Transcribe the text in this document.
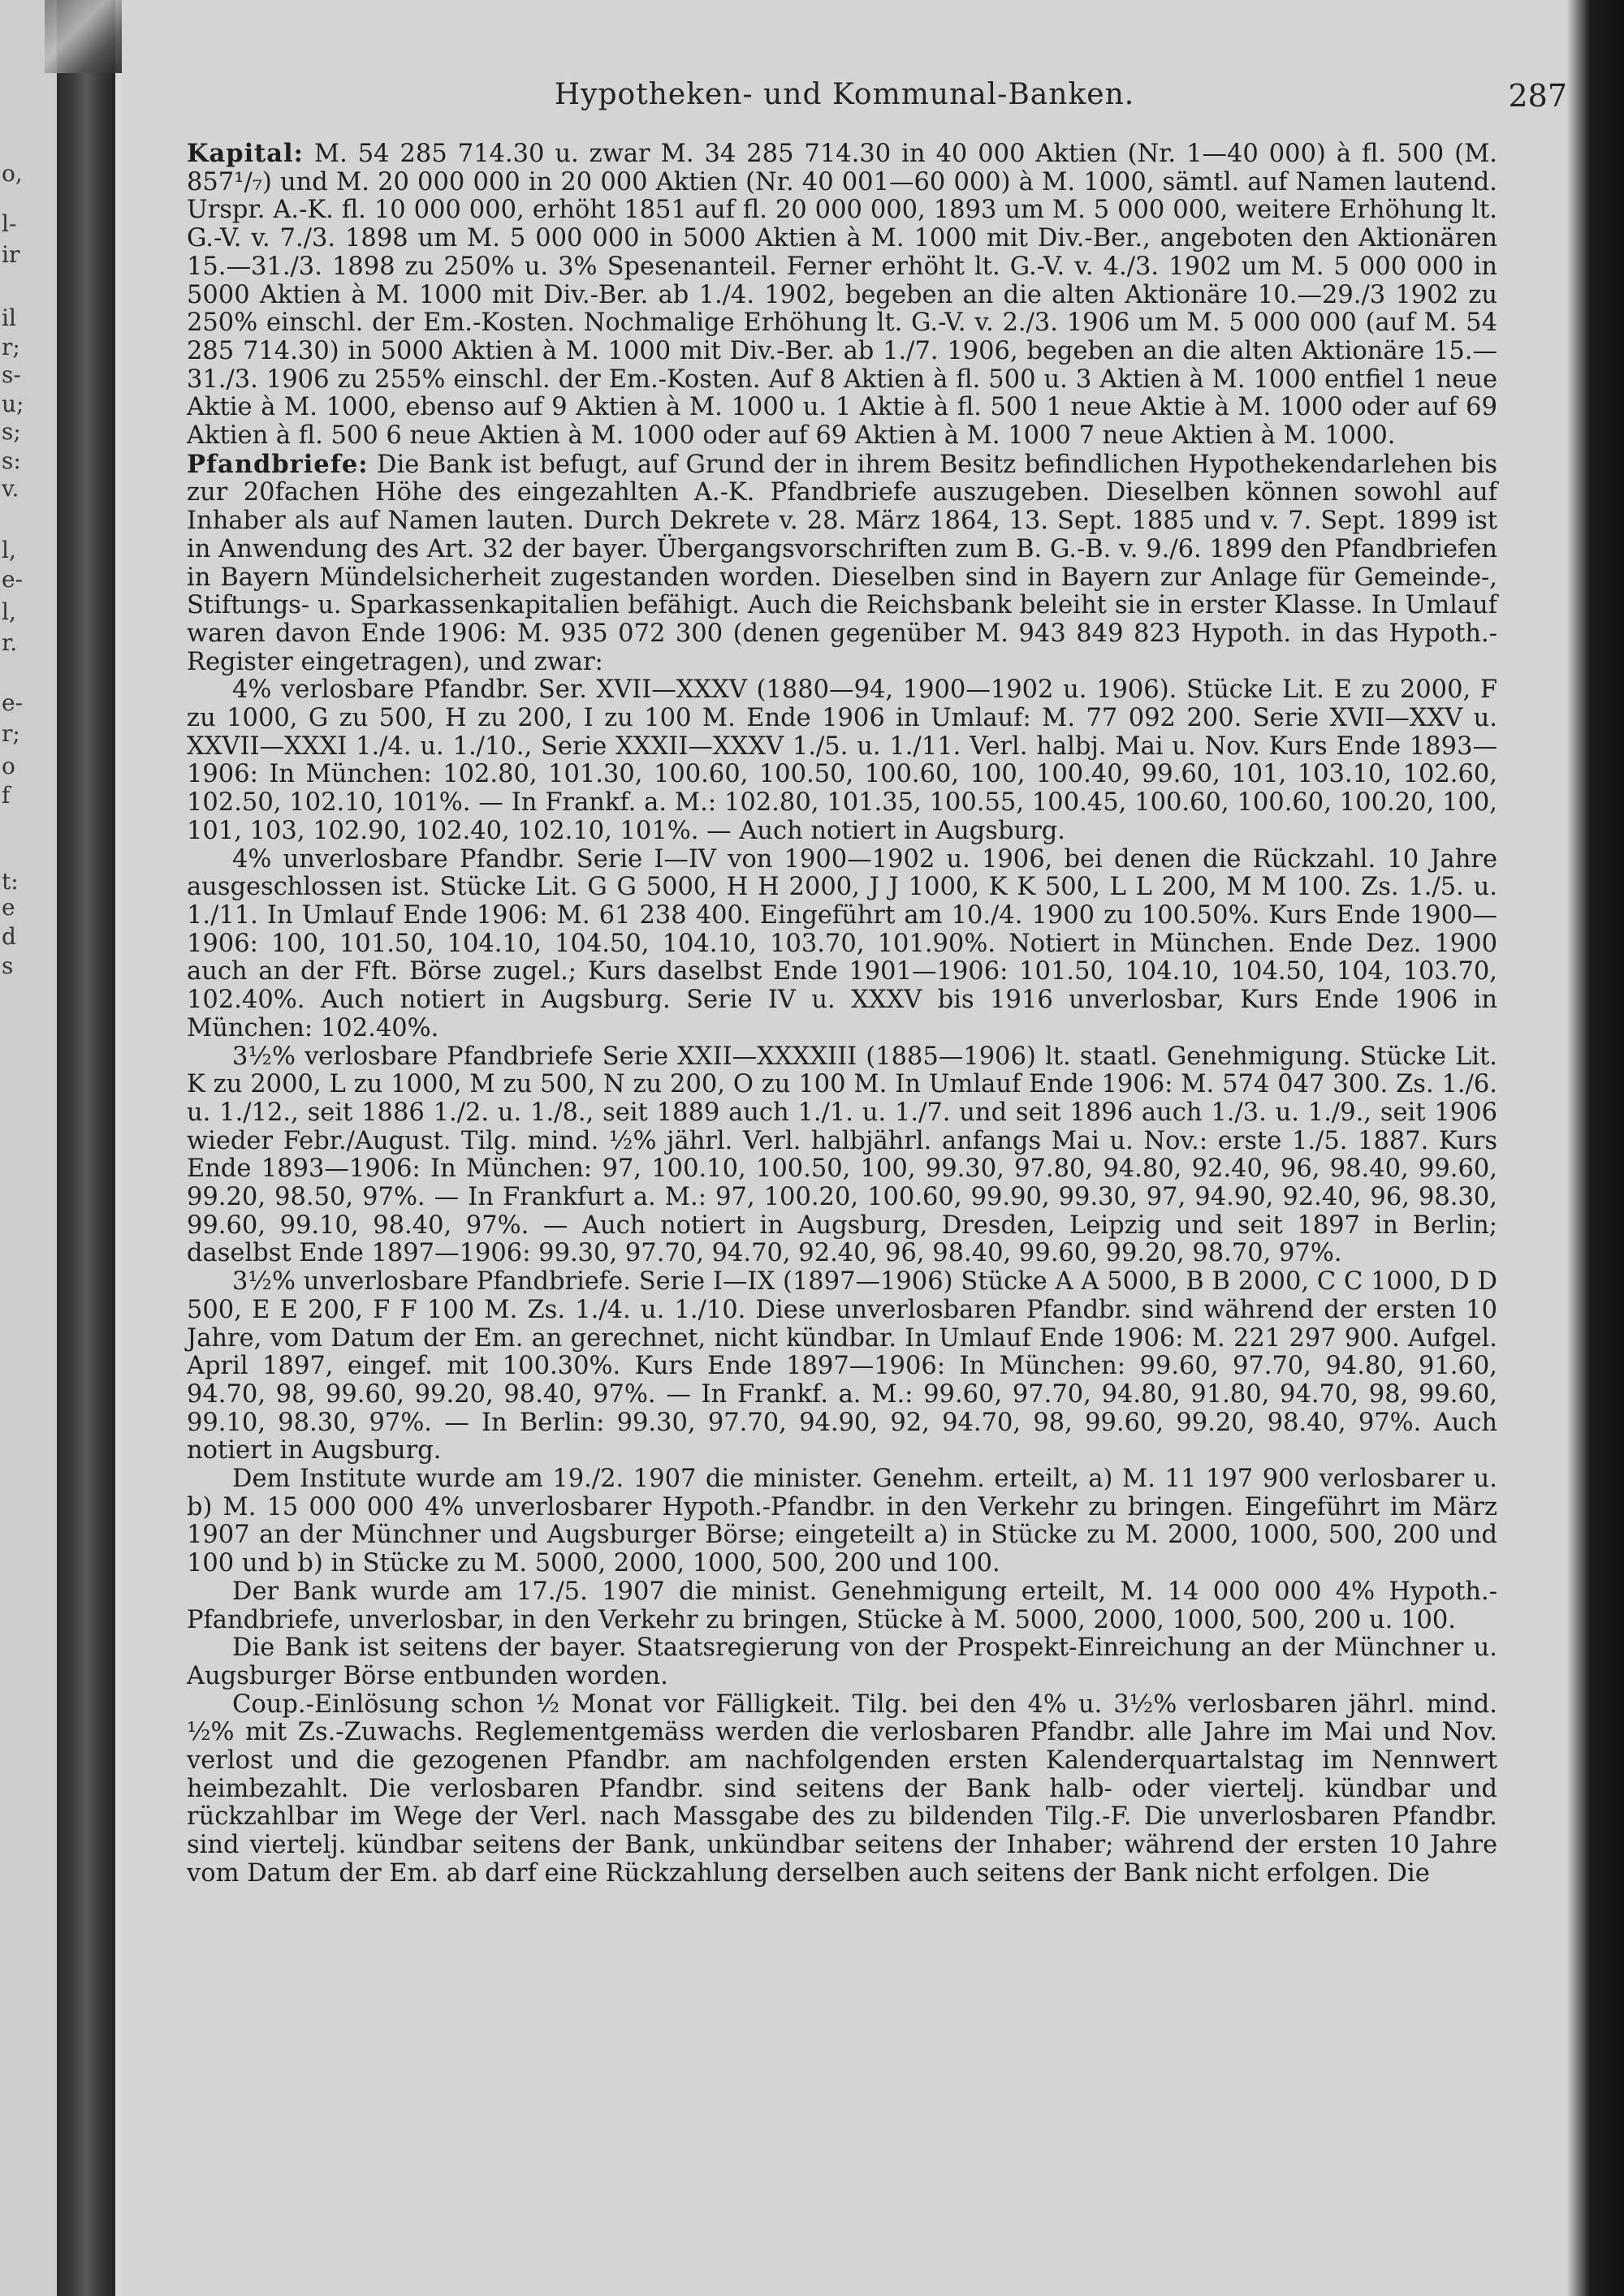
o,
l-
ir
il
r;
s-
u;
s;
s:
v.
l,
e-
l,
r.
e-
r;
o
f
t:
e
d
s
Hypotheken- und Kommunal-Banken.	287

Kapital: M. 54 285 714.30 u. zwar M. 34 285 714.30 in 40 000 Aktien (Nr. 1—40 000) à fl. 500 (M. 857¹/₇) und M. 20 000 000 in 20 000 Aktien (Nr. 40 001—60 000) à M. 1000, sämtl. auf Namen lautend. Urspr. A.-K. fl. 10 000 000, erhöht 1851 auf fl. 20 000 000, 1893 um M. 5 000 000, weitere Erhöhung lt. G.-V. v. 7./3. 1898 um M. 5 000 000 in 5000 Aktien à M. 1000 mit Div.-Ber., angeboten den Aktionären 15.—31./3. 1898 zu 250% u. 3% Spesenanteil. Ferner erhöht lt. G.-V. v. 4./3. 1902 um M. 5 000 000 in 5000 Aktien à M. 1000 mit Div.-Ber. ab 1./4. 1902, begeben an die alten Aktionäre 10.—29./3 1902 zu 250% einschl. der Em.-Kosten. Nochmalige Erhöhung lt. G.-V. v. 2./3. 1906 um M. 5 000 000 (auf M. 54 285 714.30) in 5000 Aktien à M. 1000 mit Div.-Ber. ab 1./7. 1906, begeben an die alten Aktionäre 15.—31./3. 1906 zu 255% einschl. der Em.-Kosten. Auf 8 Aktien à fl. 500 u. 3 Aktien à M. 1000 entfiel 1 neue Aktie à M. 1000, ebenso auf 9 Aktien à M. 1000 u. 1 Aktie à fl. 500 1 neue Aktie à M. 1000 oder auf 69 Aktien à fl. 500 6 neue Aktien à M. 1000 oder auf 69 Aktien à M. 1000 7 neue Aktien à M. 1000.

Pfandbriefe: Die Bank ist befugt, auf Grund der in ihrem Besitz befindlichen Hypothekendarlehen bis zur 20fachen Höhe des eingezahlten A.-K. Pfandbriefe auszugeben. Dieselben können sowohl auf Inhaber als auf Namen lauten. Durch Dekrete v. 28. März 1864, 13. Sept. 1885 und v. 7. Sept. 1899 ist in Anwendung des Art. 32 der bayer. Übergangsvorschriften zum B. G.-B. v. 9./6. 1899 den Pfandbriefen in Bayern Mündelsicherheit zugestanden worden. Dieselben sind in Bayern zur Anlage für Gemeinde-, Stiftungs- u. Sparkassenkapitalien befähigt. Auch die Reichsbank beleiht sie in erster Klasse. In Umlauf waren davon Ende 1906: M. 935 072 300 (denen gegenüber M. 943 849 823 Hypoth. in das Hypoth.-Register eingetragen), und zwar:

4% verlosbare Pfandbr. Ser. XVII—XXXV (1880—94, 1900—1902 u. 1906). Stücke Lit. E zu 2000, F zu 1000, G zu 500, H zu 200, I zu 100 M. Ende 1906 in Umlauf: M. 77 092 200. Serie XVII—XXV u. XXVII—XXXI 1./4. u. 1./10., Serie XXXII—XXXV 1./5. u. 1./11. Verl. halbj. Mai u. Nov. Kurs Ende 1893—1906: In München: 102.80, 101.30, 100.60, 100.50, 100.60, 100, 100.40, 99.60, 101, 103.10, 102.60, 102.50, 102.10, 101%. — In Frankf. a. M.: 102.80, 101.35, 100.55, 100.45, 100.60, 100.60, 100.20, 100, 101, 103, 102.90, 102.40, 102.10, 101%. — Auch notiert in Augsburg.

4% unverlosbare Pfandbr. Serie I—IV von 1900—1902 u. 1906, bei denen die Rückzahl. 10 Jahre ausgeschlossen ist. Stücke Lit. G G 5000, H H 2000, J J 1000, K K 500, L L 200, M M 100. Zs. 1./5. u. 1./11. In Umlauf Ende 1906: M. 61 238 400. Eingeführt am 10./4. 1900 zu 100.50%. Kurs Ende 1900—1906: 100, 101.50, 104.10, 104.50, 104.10, 103.70, 101.90%. Notiert in München. Ende Dez. 1900 auch an der Fft. Börse zugel.; Kurs daselbst Ende 1901—1906: 101.50, 104.10, 104.50, 104, 103.70, 102.40%. Auch notiert in Augsburg. Serie IV u. XXXV bis 1916 unverlosbar, Kurs Ende 1906 in München: 102.40%.

3½% verlosbare Pfandbriefe Serie XXII—XXXXIII (1885—1906) lt. staatl. Genehmigung. Stücke Lit. K zu 2000, L zu 1000, M zu 500, N zu 200, O zu 100 M. In Umlauf Ende 1906: M. 574 047 300. Zs. 1./6. u. 1./12., seit 1886 1./2. u. 1./8., seit 1889 auch 1./1. u. 1./7. und seit 1896 auch 1./3. u. 1./9., seit 1906 wieder Febr./August. Tilg. mind. ½% jährl. Verl. halbjährl. anfangs Mai u. Nov.: erste 1./5. 1887. Kurs Ende 1893—1906: In München: 97, 100.10, 100.50, 100, 99.30, 97.80, 94.80, 92.40, 96, 98.40, 99.60, 99.20, 98.50, 97%. — In Frankfurt a. M.: 97, 100.20, 100.60, 99.90, 99.30, 97, 94.90, 92.40, 96, 98.30, 99.60, 99.10, 98.40, 97%. — Auch notiert in Augsburg, Dresden, Leipzig und seit 1897 in Berlin; daselbst Ende 1897—1906: 99.30, 97.70, 94.70, 92.40, 96, 98.40, 99.60, 99.20, 98.70, 97%.

3½% unverlosbare Pfandbriefe. Serie I—IX (1897—1906) Stücke A A 5000, B B 2000, C C 1000, D D 500, E E 200, F F 100 M. Zs. 1./4. u. 1./10. Diese unverlosbaren Pfandbr. sind während der ersten 10 Jahre, vom Datum der Em. an gerechnet, nicht kündbar. In Umlauf Ende 1906: M. 221 297 900. Aufgel. April 1897, eingef. mit 100.30%. Kurs Ende 1897—1906: In München: 99.60, 97.70, 94.80, 91.60, 94.70, 98, 99.60, 99.20, 98.40, 97%. — In Frankf. a. M.: 99.60, 97.70, 94.80, 91.80, 94.70, 98, 99.60, 99.10, 98.30, 97%. — In Berlin: 99.30, 97.70, 94.90, 92, 94.70, 98, 99.60, 99.20, 98.40, 97%. Auch notiert in Augsburg.

Dem Institute wurde am 19./2. 1907 die minister. Genehm. erteilt, a) M. 11 197 900 verlosbarer u. b) M. 15 000 000 4% unverlosbarer Hypoth.-Pfandbr. in den Verkehr zu bringen. Eingeführt im März 1907 an der Münchner und Augsburger Börse; eingeteilt a) in Stücke zu M. 2000, 1000, 500, 200 und 100 und b) in Stücke zu M. 5000, 2000, 1000, 500, 200 und 100.

Der Bank wurde am 17./5. 1907 die minist. Genehmigung erteilt, M. 14 000 000 4% Hypoth.-Pfandbriefe, unverlosbar, in den Verkehr zu bringen, Stücke à M. 5000, 2000, 1000, 500, 200 u. 100.

Die Bank ist seitens der bayer. Staatsregierung von der Prospekt-Einreichung an der Münchner u. Augsburger Börse entbunden worden.

Coup.-Einlösung schon ½ Monat vor Fälligkeit. Tilg. bei den 4% u. 3½% verlosbaren jährl. mind. ½% mit Zs.-Zuwachs. Reglementgemäss werden die verlosbaren Pfandbr. alle Jahre im Mai und Nov. verlost und die gezogenen Pfandbr. am nachfolgenden ersten Kalenderquartalstag im Nennwert heimbezahlt. Die verlosbaren Pfandbr. sind seitens der Bank halb- oder viertelj. kündbar und rückzahlbar im Wege der Verl. nach Massgabe des zu bildenden Tilg.-F. Die unverlosbaren Pfandbr. sind viertelj. kündbar seitens der Bank, unkündbar seitens der Inhaber; während der ersten 10 Jahre vom Datum der Em. ab darf eine Rückzahlung derselben auch seitens der Bank nicht erfolgen. Die
